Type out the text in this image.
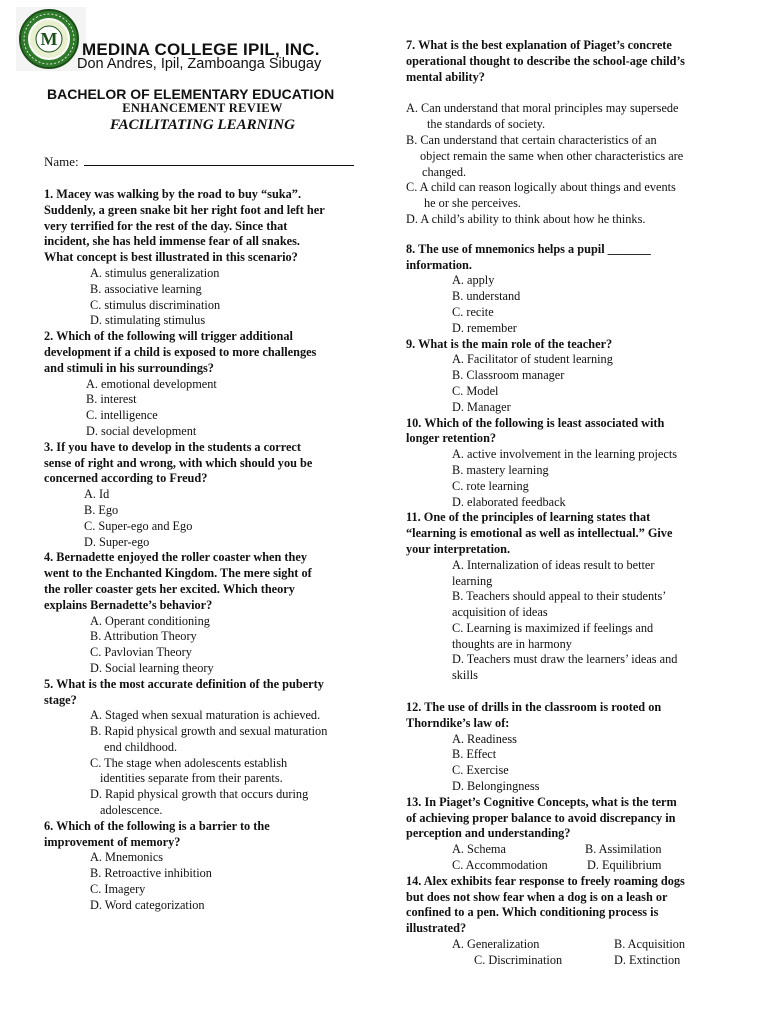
M
MEDINA COLLEGE IPIL, INC.
Don Andres, Ipil, Zamboanga Sibugay
BACHELOR OF ELEMENTARY EDUCATION
ENHANCEMENT REVIEW
FACILITATING LEARNING
Name:

1. Macey was walking by the road to buy “suka”.

Suddenly, a green snake bit her right foot and left her

very terrified for the rest of the day. Since that

incident, she has held immense fear of all snakes.

What concept is best illustrated in this scenario?

A. stimulus generalization

B. associative learning

C. stimulus discrimination

D. stimulating stimulus

2. Which of the following will trigger additional

development if a child is exposed to more challenges

and stimuli in his surroundings?

A. emotional development

B. interest

C. intelligence

D. social development

3. If you have to develop in the students a correct

sense of right and wrong, with which should you be

concerned according to Freud?

A. Id

B. Ego

C. Super-ego and Ego

D. Super-ego

4. Bernadette enjoyed the roller coaster when they

went to the Enchanted Kingdom. The mere sight of

the roller coaster gets her excited. Which theory

explains Bernadette’s behavior?

A. Operant conditioning

B. Attribution Theory

C. Pavlovian Theory

D. Social learning theory

5. What is the most accurate definition of the puberty

stage?

A. Staged when sexual maturation is achieved.

B. Rapid physical growth and sexual maturation

end childhood.

C. The stage when adolescents establish

identities separate from their parents.

D. Rapid physical growth that occurs during

adolescence.

6. Which of the following is a barrier to the

improvement of memory?

A. Mnemonics

B. Retroactive inhibition

C. Imagery

D. Word categorization

7. What is the best explanation of Piaget’s concrete

operational thought to describe the school-age child’s

mental ability?

A. Can understand that moral principles may supersede

the standards of society.

B. Can understand that certain characteristics of an

object remain the same when other characteristics are

changed.

C. A child can reason logically about things and events

he or she perceives.

D. A child’s ability to think about how he thinks.

8. The use of mnemonics helps a pupil _______

information.

A. apply

B. understand

C. recite

D. remember

9. What is the main role of the teacher?

A. Facilitator of student learning

B. Classroom manager

C. Model

D. Manager

10. Which of the following is least associated with

longer retention?

A. active involvement in the learning projects

B. mastery learning

C. rote learning

D. elaborated feedback

11. One of the principles of learning states that

“learning is emotional as well as intellectual.” Give

your interpretation.

A. Internalization of ideas result to better

learning

B. Teachers should appeal to their students’

acquisition of ideas

C. Learning is maximized if feelings and

thoughts are in harmony

D. Teachers must draw the learners’ ideas and

skills

12. The use of drills in the classroom is rooted on

Thorndike’s law of:

A. Readiness

B. Effect

C. Exercise

D. Belongingness

13. In Piaget’s Cognitive Concepts, what is the term

of achieving proper balance to avoid discrepancy in

perception and understanding?

A. Schema	B. Assimilation
C. Accommodation	D. Equilibrium

14. Alex exhibits fear response to freely roaming dogs

but does not show fear when a dog is on a leash or

confined to a pen. Which conditioning process is

illustrated?

A. Generalization	B. Acquisition
C. Discrimination	D. Extinction
